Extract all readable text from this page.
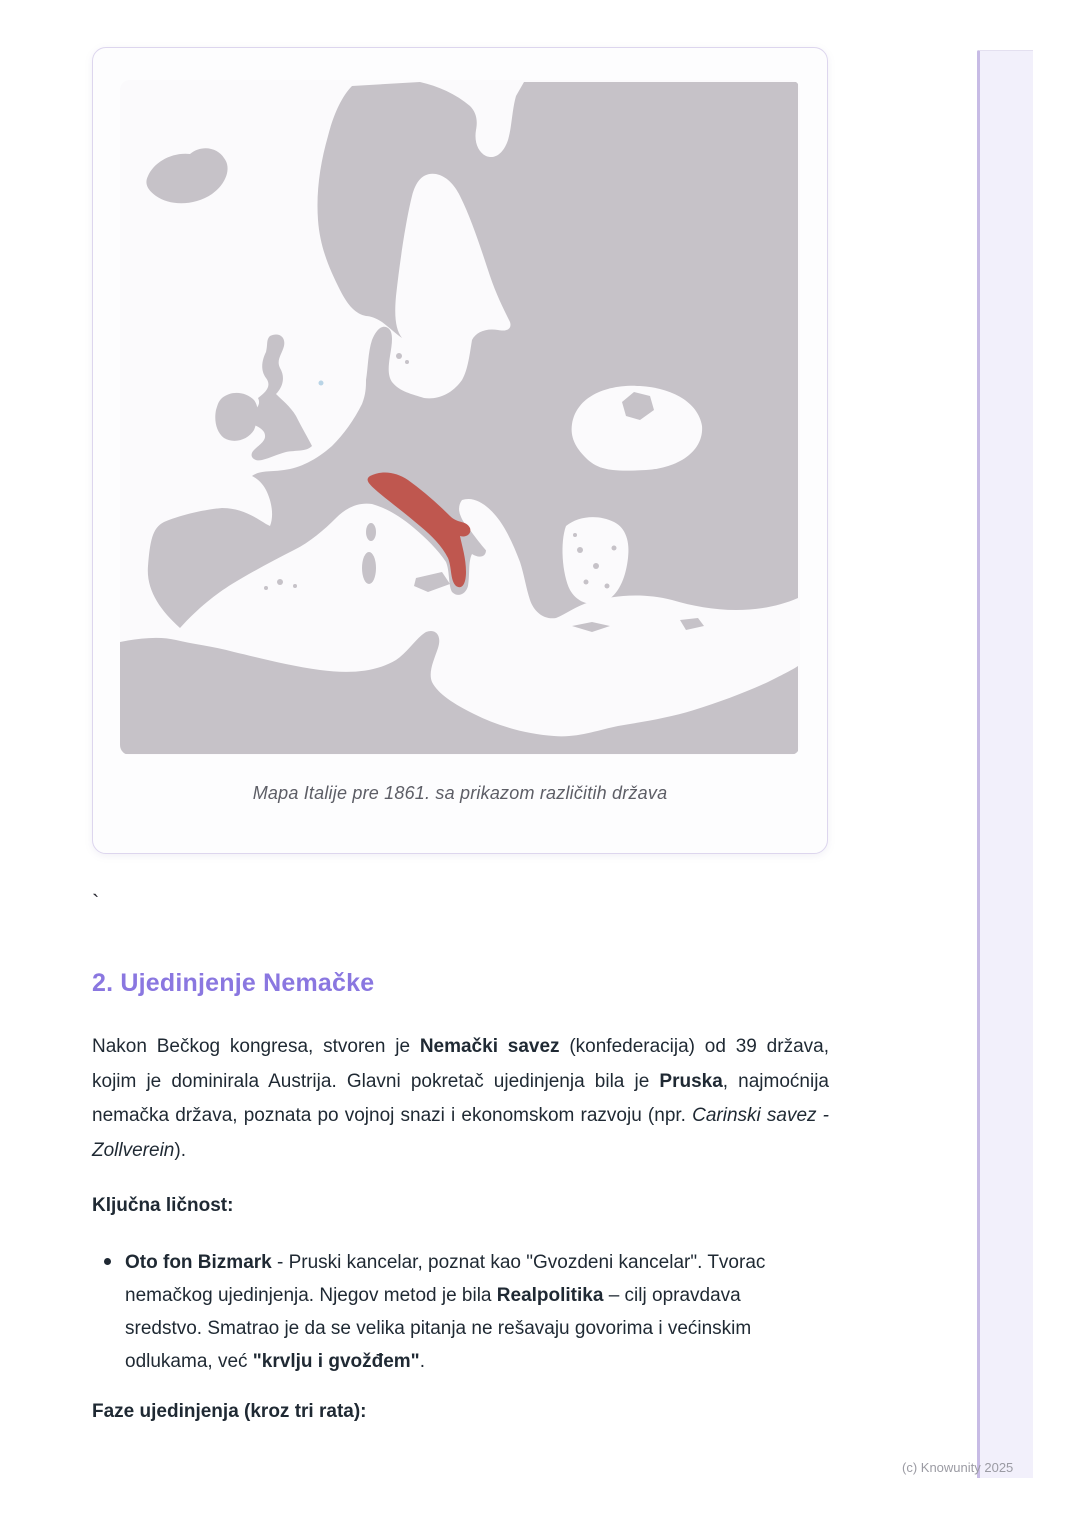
Mapa Italije pre 1861. sa prikazom različitih država
`
2. Ujedinjenje Nemačke

Nakon Bečkog kongresa, stvoren je Nemački savez (konfederacija) od 39 država, kojim je dominirala Austrija. Glavni pokretač ujedinjenja bila je Pruska, najmoćnija nemačka država, poznata po vojnoj snazi i ekonomskom razvoju (npr. Carinski savez - Zollverein).

Ključna ličnost:
Oto fon Bizmark - Pruski kancelar, poznat kao "Gvozdeni kancelar". Tvorac nemačkog ujedinjenja. Njegov metod je bila Realpolitika – cilj opravdava sredstvo. Smatrao je da se velika pitanja ne rešavaju govorima i većinskim odlukama, već "krvlju i gvožđem".
Faze ujedinjenja (kroz tri rata):
(c) Knowunity 2025
